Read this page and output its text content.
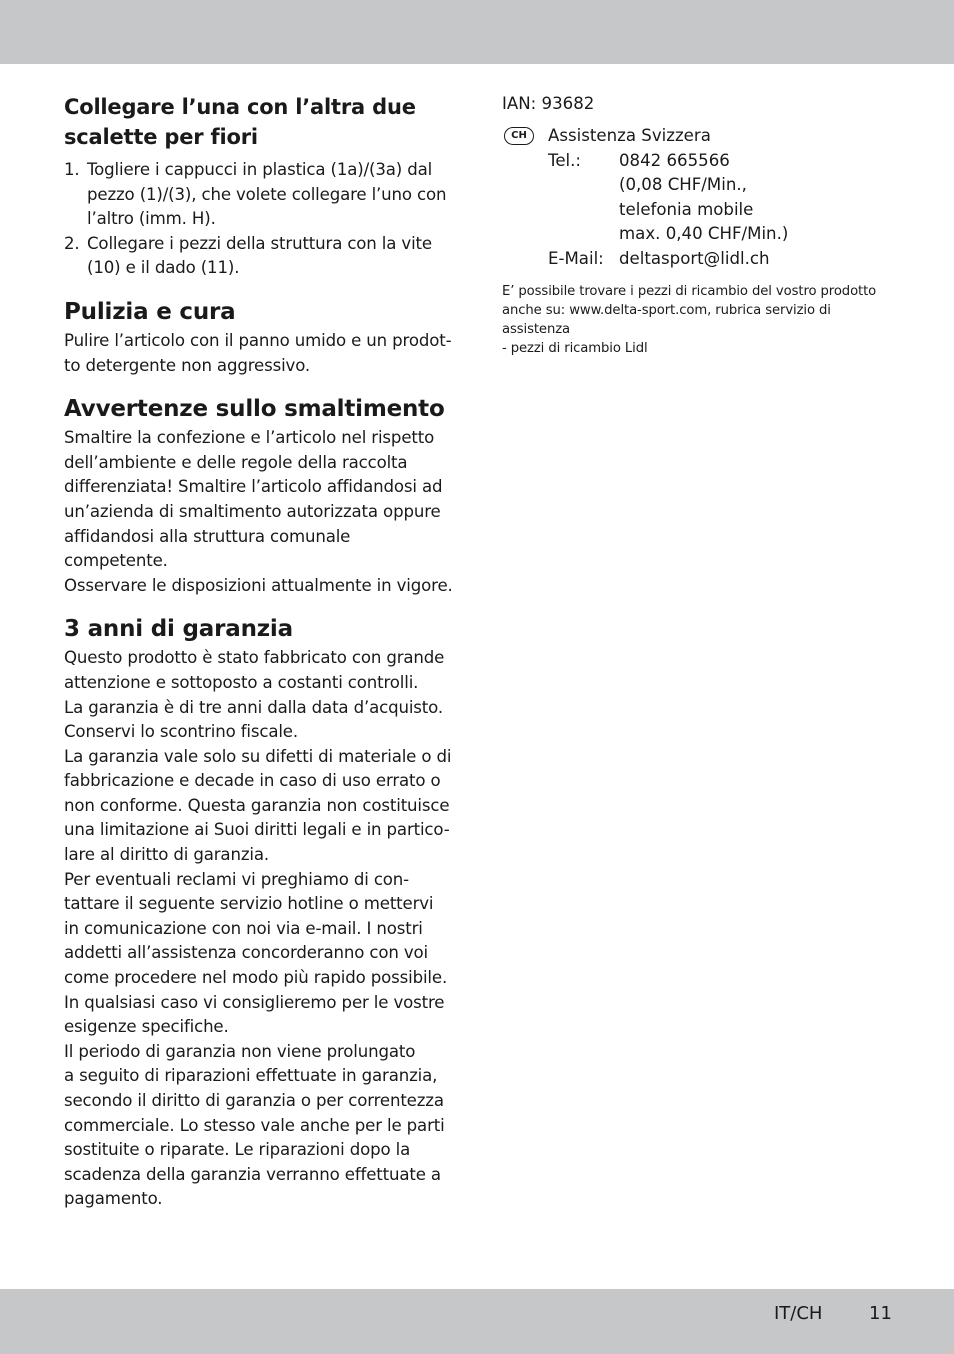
Collegare l’una con l’altra due
scalette per fiori
1. Togliere i cappucci in plastica (1a)/(3a) dal
pezzo (1)/(3), che volete collegare l’uno con
l’altro (imm. H).
2. Collegare i pezzi della struttura con la vite
(10) e il dado (11).
Pulizia e cura

Pulire l’articolo con il panno umido e un prodot-
to detergente non aggressivo.

Avvertenze sullo smaltimento

Smaltire la confezione e l’articolo nel rispetto
dell’ambiente e delle regole della raccolta
differenziata! Smaltire l’articolo affidandosi ad
un’azienda di smaltimento autorizzata oppure
affidandosi alla struttura comunale competente.
Osservare le disposizioni attualmente in vigore.

3 anni di garanzia

Questo prodotto è stato fabbricato con grande
attenzione e sottoposto a costanti controlli.
La garanzia è di tre anni dalla data d’acquisto.
Conservi lo scontrino fiscale.
La garanzia vale solo su difetti di materiale o di
fabbricazione e decade in caso di uso errato o
non conforme. Questa garanzia non costituisce
una limitazione ai Suoi diritti legali e in partico-
lare al diritto di garanzia.
Per eventuali reclami vi preghiamo di con-
tattare il seguente servizio hotline o mettervi
in comunicazione con noi via e-mail. I nostri
addetti all’assistenza concorderanno con voi
come procedere nel modo più rapido possibile.
In qualsiasi caso vi consiglieremo per le vostre
esigenze specifiche.
Il periodo di garanzia non viene prolungato
a seguito di riparazioni effettuate in garanzia,
secondo il diritto di garanzia o per correntezza
commerciale. Lo stesso vale anche per le parti
sostituite o riparate. Le riparazioni dopo la
scadenza della garanzia verranno effettuate a
pagamento.

IAN: 93682

CH	Assistenza Svizzera
Tel.: 0842 665566
(0,08 CHF/Min.,
telefonia mobile
max. 0,40 CHF/Min.)
E-Mail: deltasport@lidl.ch
E’ possibile trovare i pezzi di ricambio del vostro prodotto
anche su: www.delta-sport.com, rubrica servizio di assistenza
- pezzi di ricambio Lidl
IT/CH	11
